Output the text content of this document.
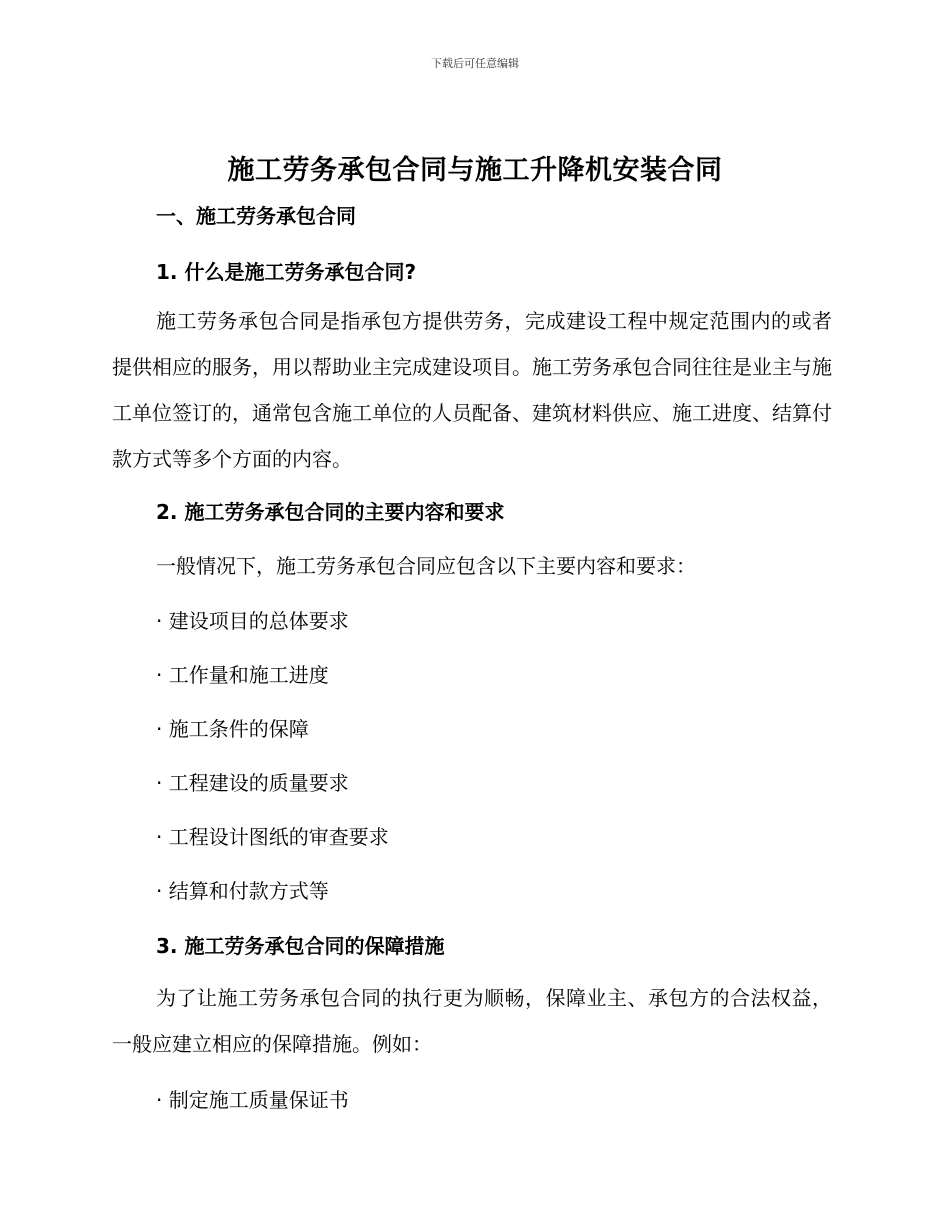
下载后可任意编辑
施工劳务承包合同与施工升降机安装合同
一、施工劳务承包合同
1. 什么是施工劳务承包合同?

施工劳务承包合同是指承包方提供劳务，完成建设工程中规定范围内的或者提供相应的服务，用以帮助业主完成建设项目。施工劳务承包合同往往是业主与施工单位签订的，通常包含施工单位的人员配备、建筑材料供应、施工进度、结算付款方式等多个方面的内容。

2. 施工劳务承包合同的主要内容和要求
一般情况下，施工劳务承包合同应包含以下主要内容和要求：
· 建设项目的总体要求
· 工作量和施工进度
· 施工条件的保障
· 工程建设的质量要求
· 工程设计图纸的审查要求
· 结算和付款方式等
3. 施工劳务承包合同的保障措施

为了让施工劳务承包合同的执行更为顺畅，保障业主、承包方的合法权益，一般应建立相应的保障措施。例如：

· 制定施工质量保证书
